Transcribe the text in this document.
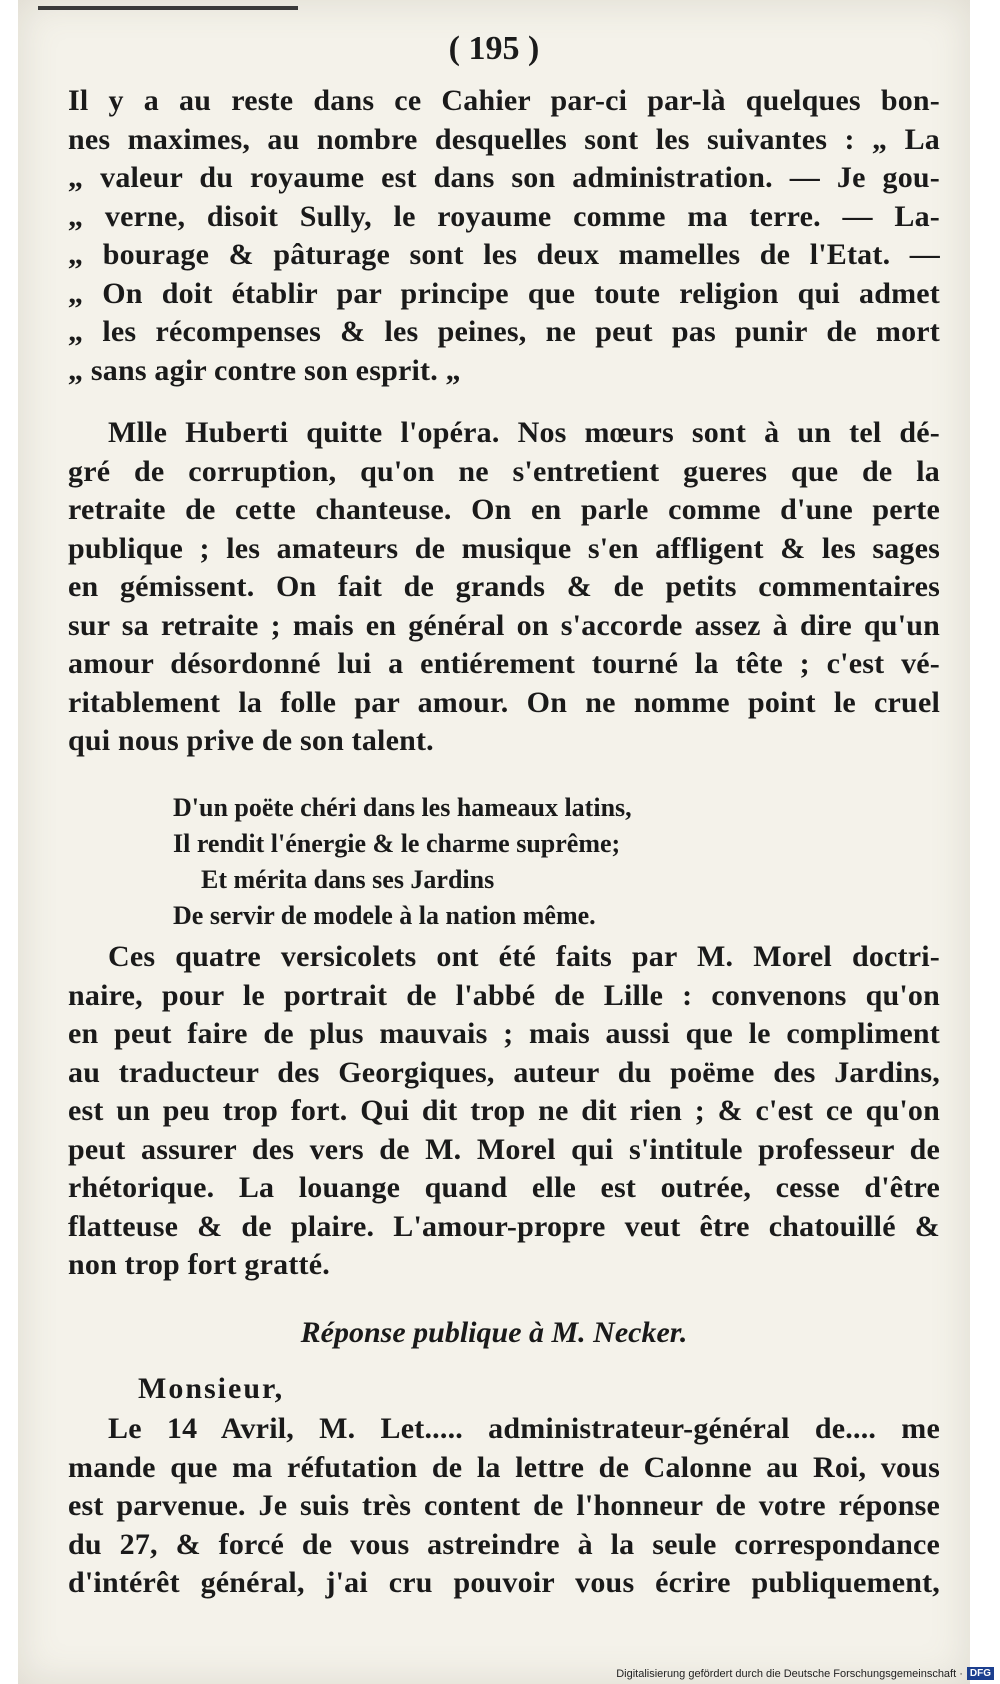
( 195 )
Il y a au reste dans ce Cahier par-ci par-là quelques bon-
nes maximes, au nombre desquelles sont les suivantes : „ La
„ valeur du royaume est dans son administration. — Je gou-
„ verne, disoit Sully, le royaume comme ma terre. — La-
„ bourage & pâturage sont les deux mamelles de l'Etat. —
„ On doit établir par principe que toute religion qui admet
„ les récompenses & les peines, ne peut pas punir de mort
„ sans agir contre son esprit. „
Mlle Huberti quitte l'opéra. Nos mœurs sont à un tel dé-
gré de corruption, qu'on ne s'entretient gueres que de la
retraite de cette chanteuse. On en parle comme d'une perte
publique ; les amateurs de musique s'en affligent & les sages
en gémissent. On fait de grands & de petits commentaires
sur sa retraite ; mais en général on s'accorde assez à dire qu'un
amour désordonné lui a entiérement tourné la tête ; c'est vé-
ritablement la folle par amour. On ne nomme point le cruel
qui nous prive de son talent.
D'un poëte chéri dans les hameaux latins,
Il rendit l'énergie & le charme suprême;
Et mérita dans ses Jardins
De servir de modele à la nation même.
Ces quatre versicolets ont été faits par M. Morel doctri-
naire, pour le portrait de l'abbé de Lille : convenons qu'on
en peut faire de plus mauvais ; mais aussi que le compliment
au traducteur des Georgiques, auteur du poëme des Jardins,
est un peu trop fort. Qui dit trop ne dit rien ; & c'est ce qu'on
peut assurer des vers de M. Morel qui s'intitule professeur de
rhétorique. La louange quand elle est outrée, cesse d'être
flatteuse & de plaire. L'amour-propre veut être chatouillé &
non trop fort gratté.
Réponse publique à M. Necker.
Monsieur,
Le 14 Avril, M. Let..... administrateur-général de.... me
mande que ma réfutation de la lettre de Calonne au Roi, vous
est parvenue. Je suis très content de l'honneur de votre réponse
du 27, & forcé de vous astreindre à la seule correspondance
d'intérêt général, j'ai cru pouvoir vous écrire publiquement,
Digitalisierung gefördert durch die Deutsche Forschungsgemeinschaft · DFG
